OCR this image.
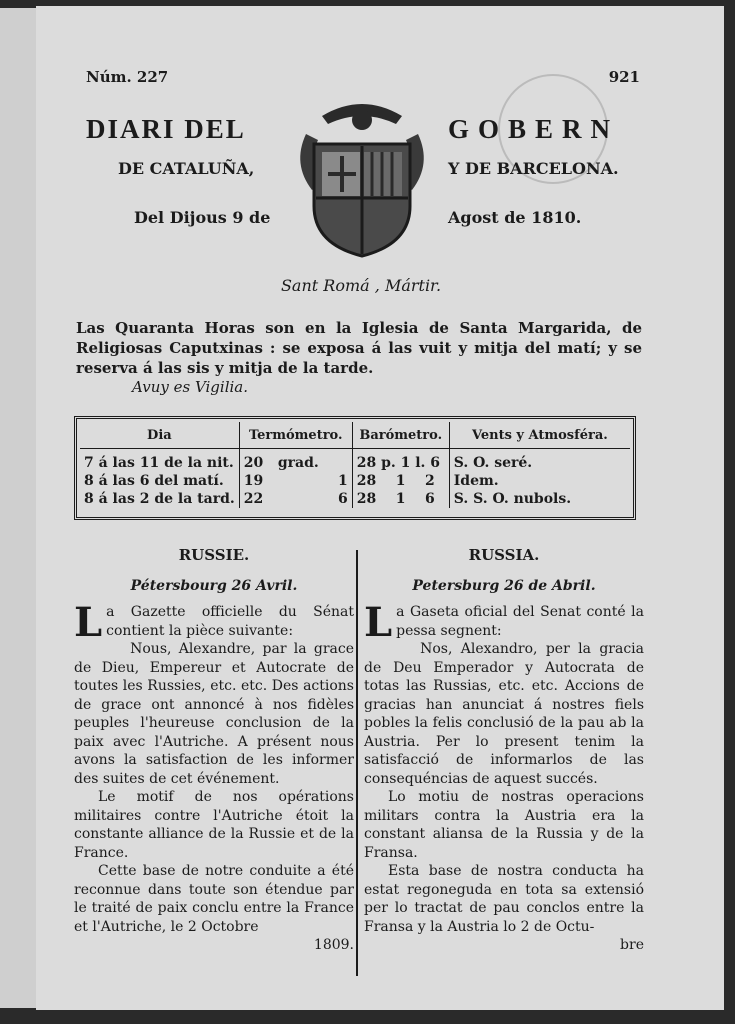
Núm. 227	921
DIARI DEL	GOBERN
DE CATALUÑA,	Y DE BARCELONA.
Del Dijous 9 de	Agost de 1810.
Sant Romá , Mártir.
Las Quaranta Horas son en la Iglesia de Santa Margarida, de Religiosas Caputxinas : se exposa á las vuit y mitja del matí; y se reserva á las sis y mitja de la tarde.
Avuy es Vigilia.
Dia	Termómetro.	Barómetro.	Vents y Atmosféra.
7 á las 11 de la nit.	20 grad.	28 p. 1 l. 6	S. O. seré.
8 á las 6 del matí.	19 1	28    1    2	Idem.
8 á las 2 de la tard.	22 6	28    1    6	S. S. O. nubols.
RUSSIE.
Pétersbourg 26 Avril.

La Gazette officielle du Sénat contient la pièce suivante:

Nous, Alexandre, par la grace de Dieu, Empereur et Autocrate de toutes les Russies, etc. etc. Des actions de grace ont annoncé à nos fidèles peuples l'heureuse conclusion de la paix avec l'Autriche. A présent nous avons la satisfaction de les informer des suites de cet événement.

Le motif de nos opérations militaires contre l'Autriche étoit la constante alliance de la Russie et de la France.

Cette base de notre conduite a été reconnue dans toute son étendue par le traité de paix conclu entre la France et l'Autriche, le 2 Octobre

1809.
RUSSIA.
Petersburg 26 de Abril.

La Gaseta oficial del Senat conté la pessa segnent:

Nos, Alexandro, per la gracia de Deu Emperador y Autocrata de totas las Russias, etc. etc. Accions de gracias han anunciat á nostres fiels pobles la felis conclusió de la pau ab la Austria. Per lo present tenim la satisfacció de informarlos de las consequéncias de aquest succés.

Lo motiu de nostras operacions militars contra la Austria era la constant aliansa de la Russia y de la Fransa.

Esta base de nostra conducta ha estat regoneguda en tota sa extensió per lo tractat de pau conclos entre la Fransa y la Austria lo 2 de Octu-

bre
